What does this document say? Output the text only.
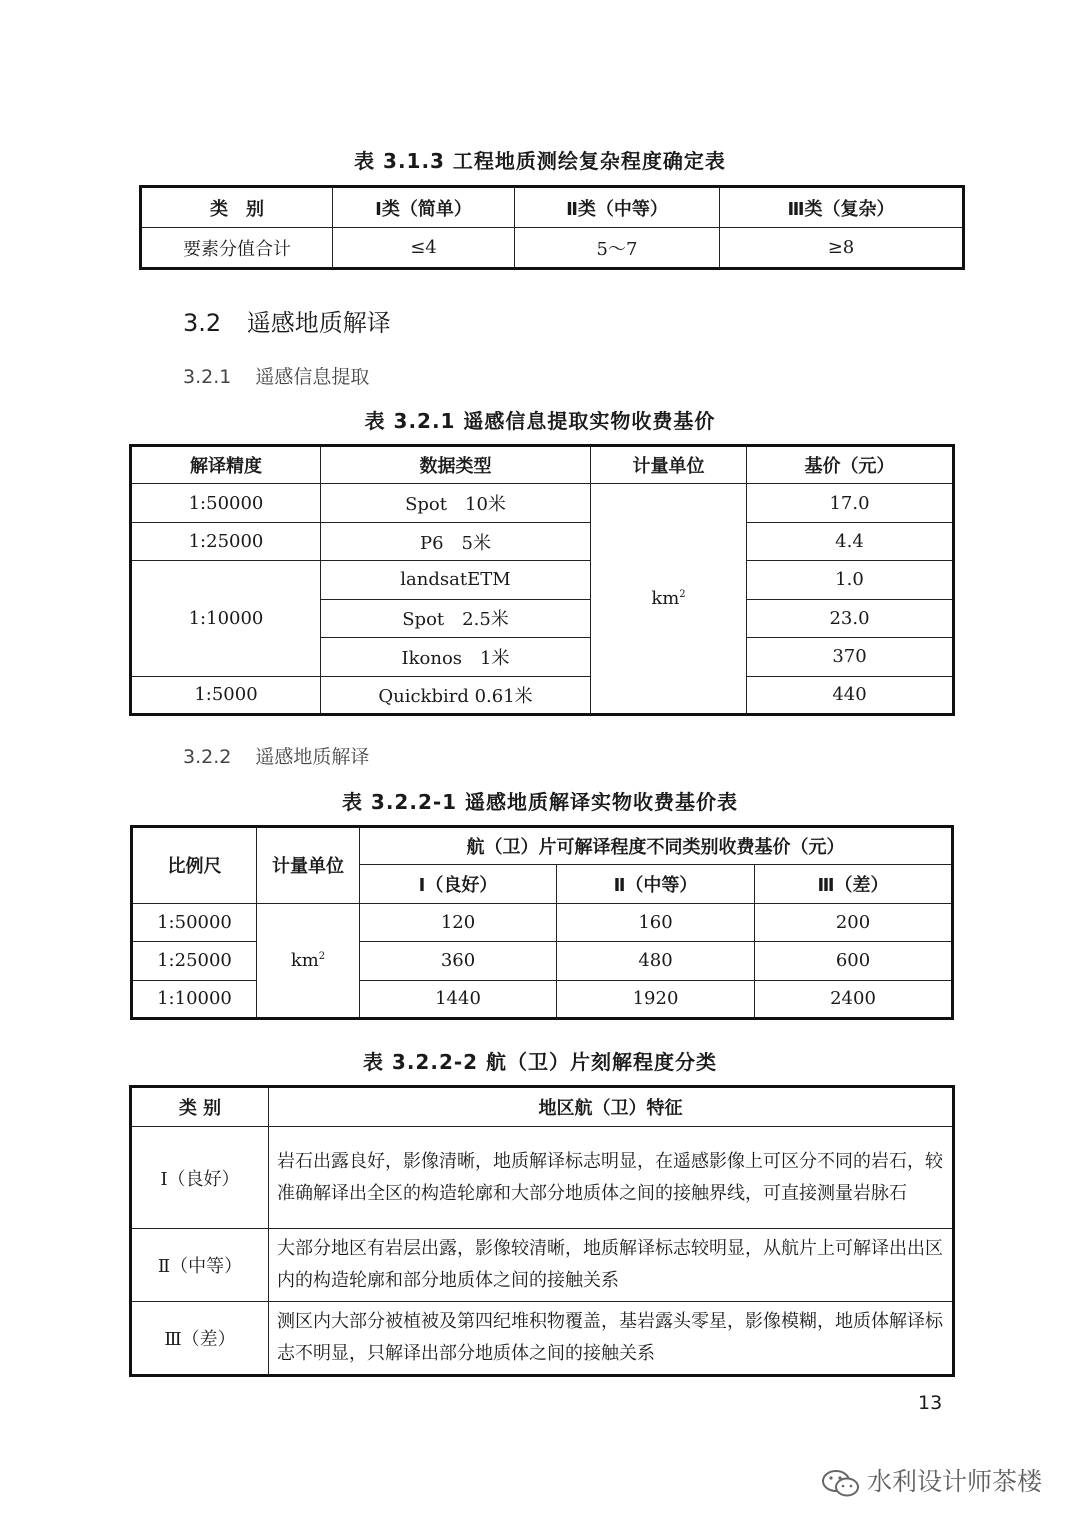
表 3.1.3 工程地质测绘复杂程度确定表
类　别	Ⅰ类（简单）	Ⅱ类（中等）	Ⅲ类（复杂）
要素分值合计	≤4	5～7	≥8
3.2 遥感地质解译
3.2.1 遥感信息提取
表 3.2.1 遥感信息提取实物收费基价
解译精度	数据类型	计量单位	基价（元）
1:50000	Spot　10米	$km^2$	17.0
1:25000	P6　5米		4.4
1:10000	landsatETM		1.0
	Spot　2.5米		23.0
	Ikonos　1米		370
1:5000	Quickbird 0.61米		440
3.2.2 遥感地质解译
表 3.2.2-1 遥感地质解译实物收费基价表
比例尺	计量单位	航（卫）片可解译程度不同类别收费基价（元）		
		Ⅰ（良好）	Ⅱ（中等）	Ⅲ（差）
1:50000	$km^2$	120	160	200
1:25000		360	480	600
1:10000		1440	1920	2400
表 3.2.2-2 航（卫）片刻解程度分类
类 别	地区航（卫）特征
Ⅰ（良好）	岩石出露良好，影像清晰，地质解译标志明显，在遥感影像上可区分不同的岩石，较准确解译出全区的构造轮廓和大部分地质体之间的接触界线，可直接测量岩脉石
Ⅱ（中等）	大部分地区有岩层出露，影像较清晰，地质解译标志较明显，从航片上可解译出出区内的构造轮廓和部分地质体之间的接触关系
Ⅲ（差）	测区内大部分被植被及第四纪堆积物覆盖，基岩露头零星，影像模糊，地质体解译标志不明显，只解译出部分地质体之间的接触关系
13
水利设计师茶楼
